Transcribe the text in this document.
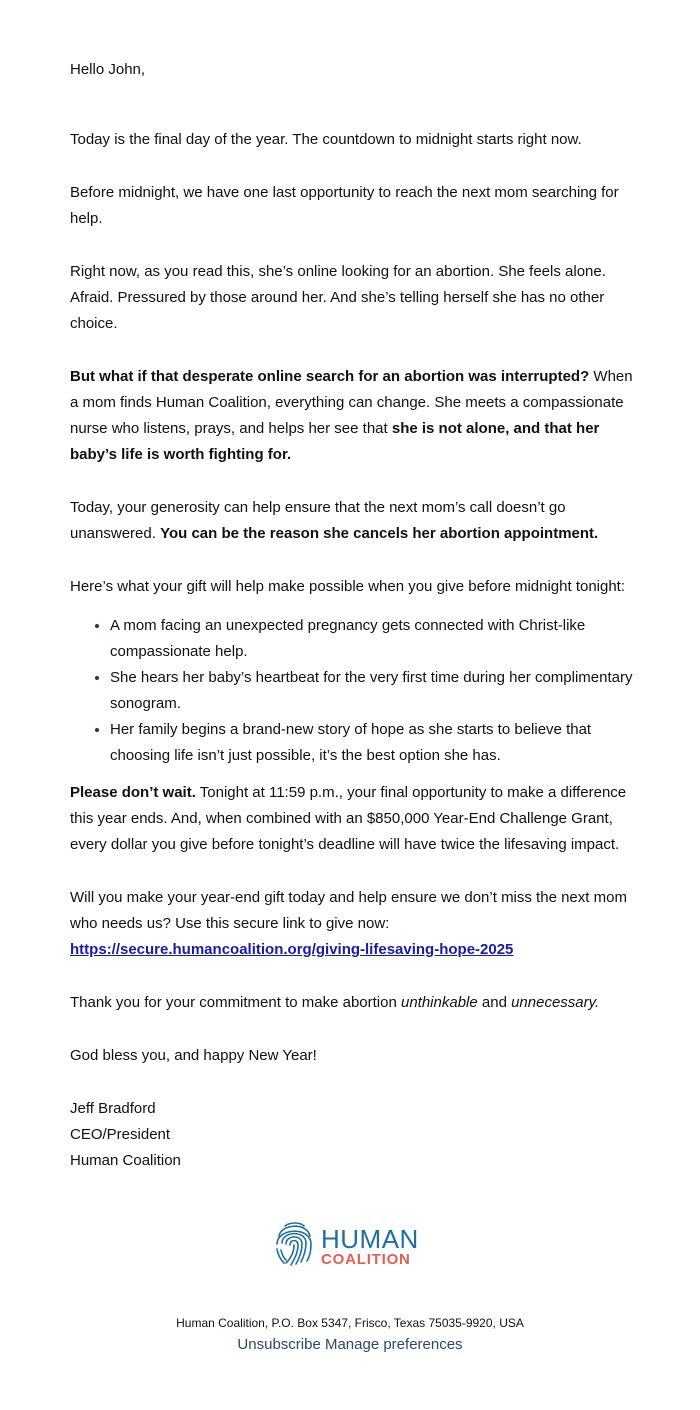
Hello John,

Today is the final day of the year. The countdown to midnight starts right now.

Before midnight, we have one last opportunity to reach the next mom searching for help.

Right now, as you read this, she’s online looking for an abortion. She feels alone. Afraid. Pressured by those around her. And she’s telling herself she has no other choice.

But what if that desperate online search for an abortion was interrupted? When a mom finds Human Coalition, everything can change. She meets a compassionate nurse who listens, prays, and helps her see that she is not alone, and that her baby’s life is worth fighting for.

Today, your generosity can help ensure that the next mom’s call doesn’t go unanswered. You can be the reason she cancels her abortion appointment.

Here’s what your gift will help make possible when you give before midnight tonight:

• A mom facing an unexpected pregnancy gets connected with Christ-like compassionate help.
• She hears her baby’s heartbeat for the very first time during her complimentary sonogram.
• Her family begins a brand-new story of hope as she starts to believe that choosing life isn’t just possible, it’s the best option she has.

Please don’t wait. Tonight at 11:59 p.m., your final opportunity to make a difference this year ends. And, when combined with an $850,000 Year-End Challenge Grant, every dollar you give before tonight’s deadline will have twice the lifesaving impact.

Will you make your year-end gift today and help ensure we don’t miss the next mom who needs us? Use this secure link to give now:
https://secure.humancoalition.org/giving-lifesaving-hope-2025

Thank you for your commitment to make abortion unthinkable and unnecessary.

God bless you, and happy New Year!

Jeff Bradford
CEO/President
Human Coalition

HUMAN
COALITION
Human Coalition, P.O. Box 5347, Frisco, Texas 75035-9920, USA
Unsubscribe Manage preferences
